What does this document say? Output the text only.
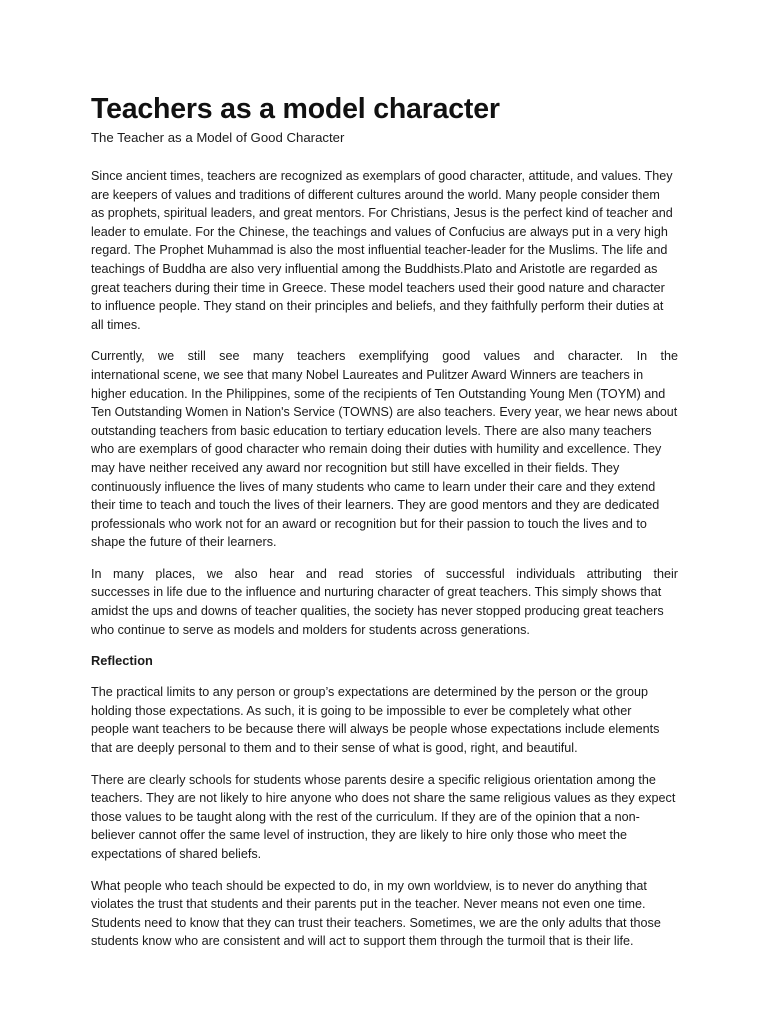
Teachers as a model character
The Teacher as a Model of Good Character
Since ancient times, teachers are recognized as exemplars of good character, attitude, and values. They
are keepers of values and traditions of different cultures around the world. Many people consider them
as prophets, spiritual leaders, and great mentors. For Christians, Jesus is the perfect kind of teacher and
leader to emulate. For the Chinese, the teachings and values of Confucius are always put in a very high
regard. The Prophet Muhammad is also the most influential teacher-leader for the Muslims. The life and
teachings of Buddha are also very influential among the Buddhists.Plato and Aristotle are regarded as
great teachers during their time in Greece. These model teachers used their good nature and character
to influence people. They stand on their principles and beliefs, and they faithfully perform their duties at
all times.
Currently, we still see many teachers exemplifying good values and character. In the
international scene, we see that many Nobel Laureates and Pulitzer Award Winners are teachers in
higher education. In the Philippines, some of the recipients of Ten Outstanding Young Men (TOYM) and
Ten Outstanding Women in Nation's Service (TOWNS) are also teachers. Every year, we hear news about
outstanding teachers from basic education to tertiary education levels. There are also many teachers
who are exemplars of good character who remain doing their duties with humility and excellence. They
may have neither received any award nor recognition but still have excelled in their fields. They
continuously influence the lives of many students who came to learn under their care and they extend
their time to teach and touch the lives of their learners. They are good mentors and they are dedicated
professionals who work not for an award or recognition but for their passion to touch the lives and to
shape the future of their learners.
In many places, we also hear and read stories of successful individuals attributing their
successes in life due to the influence and nurturing character of great teachers. This simply shows that
amidst the ups and downs of teacher qualities, the society has never stopped producing great teachers
who continue to serve as models and molders for students across generations.
Reflection
The practical limits to any person or group’s expectations are determined by the person or the group
holding those expectations. As such, it is going to be impossible to ever be completely what other
people want teachers to be because there will always be people whose expectations include elements
that are deeply personal to them and to their sense of what is good, right, and beautiful.
There are clearly schools for students whose parents desire a specific religious orientation among the
teachers. They are not likely to hire anyone who does not share the same religious values as they expect
those values to be taught along with the rest of the curriculum. If they are of the opinion that a non-
believer cannot offer the same level of instruction, they are likely to hire only those who meet the
expectations of shared beliefs.
What people who teach should be expected to do, in my own worldview, is to never do anything that
violates the trust that students and their parents put in the teacher. Never means not even one time.
Students need to know that they can trust their teachers. Sometimes, we are the only adults that those
students know who are consistent and will act to support them through the turmoil that is their life.
